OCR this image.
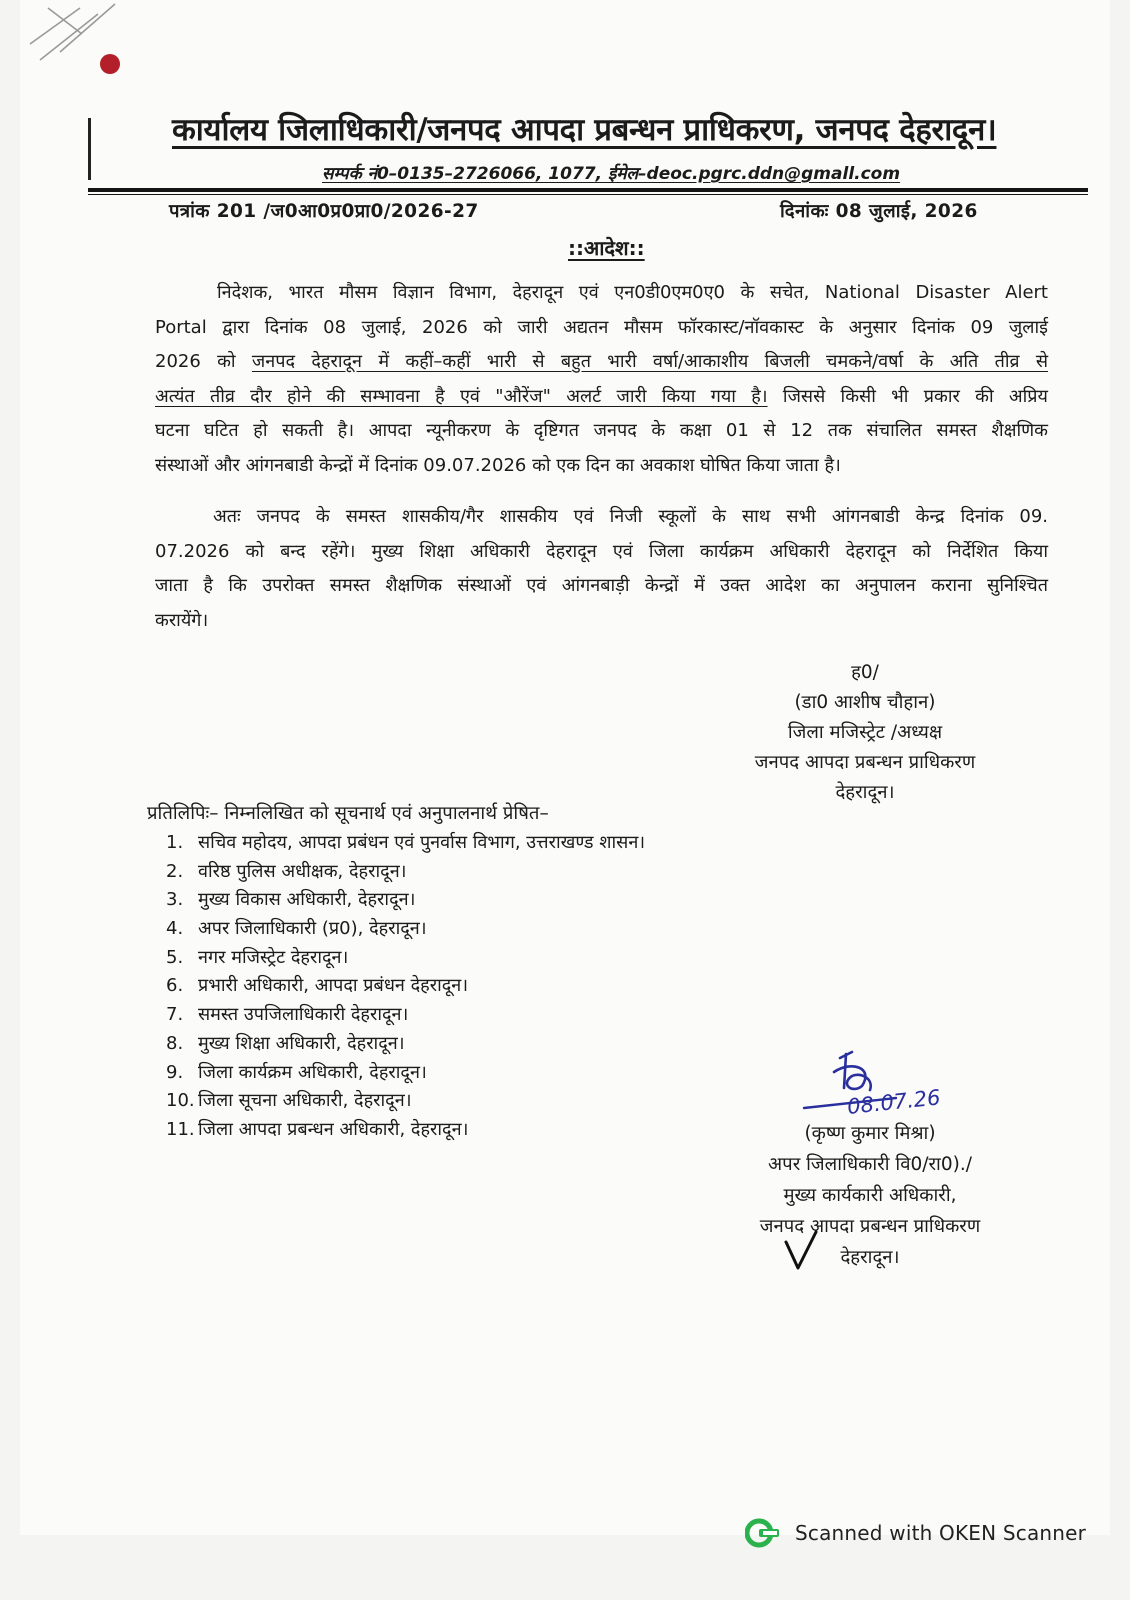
कार्यालय जिलाधिकारी/जनपद आपदा प्रबन्धन प्राधिकरण, जनपद देहरादून।
सम्पर्क नं0–0135–2726066, 1077, ईमेल–deoc.pgrc.ddn@gmall.com
पत्रांक 201 /ज0आ0प्र0प्रा0/2026-27	दिनांकः 08 जुलाई, 2026
::आदेश::
निदेशक, भारत मौसम विज्ञान विभाग, देहरादून एवं एन0डी0एम0ए0 के सचेत, National Disaster Alert
Portal द्वारा दिनांक 08 जुलाई, 2026 को जारी अद्यतन मौसम फॉरकास्ट/नॉवकास्ट के अनुसार दिनांक 09 जुलाई
2026 को जनपद देहरादून में कहीं–कहीं भारी से बहुत भारी वर्षा/आकाशीय बिजली चमकने/वर्षा के अति तीव्र से
अत्यंत तीव्र दौर होने की सम्भावना है एवं "औरेंज" अलर्ट जारी किया गया है। जिससे किसी भी प्रकार की अप्रिय
घटना घटित हो सकती है। आपदा न्यूनीकरण के दृष्टिगत जनपद के कक्षा 01 से 12 तक संचालित समस्त शैक्षणिक
संस्थाओं और आंगनबाडी केन्द्रों में दिनांक 09.07.2026 को एक दिन का अवकाश घोषित किया जाता है।
अतः जनपद के समस्त शासकीय/गैर शासकीय एवं निजी स्कूलों के साथ सभी आंगनबाडी केन्द्र दिनांक 09.
07.2026 को बन्द रहेंगे। मुख्य शिक्षा अधिकारी देहरादून एवं जिला कार्यक्रम अधिकारी देहरादून को निर्देशित किया
जाता है कि उपरोक्त समस्त शैक्षणिक संस्थाओं एवं आंगनबाड़ी केन्द्रों में उक्त आदेश का अनुपालन कराना सुनिश्चित
करायेंगे।
ह0/
(डा0 आशीष चौहान)
जिला मजिस्ट्रेट /अध्यक्ष
जनपद आपदा प्रबन्धन प्राधिकरण
देहरादून।
प्रतिलिपिः– निम्नलिखित को सूचनार्थ एवं अनुपालनार्थ प्रेषित–
1. सचिव महोदय, आपदा प्रबंधन एवं पुनर्वास विभाग, उत्तराखण्ड शासन।
2. वरिष्ठ पुलिस अधीक्षक, देहरादून।
3. मुख्य विकास अधिकारी, देहरादून।
4. अपर जिलाधिकारी (प्र0), देहरादून।
5. नगर मजिस्ट्रेट देहरादून।
6. प्रभारी अधिकारी, आपदा प्रबंधन देहरादून।
7. समस्त उपजिलाधिकारी देहरादून।
8. मुख्य शिक्षा अधिकारी, देहरादून।
9. जिला कार्यक्रम अधिकारी, देहरादून।
10. जिला सूचना अधिकारी, देहरादून।
11. जिला आपदा प्रबन्धन अधिकारी, देहरादून।
08.07.26
(कृष्ण कुमार मिश्रा)
अपर जिलाधिकारी वि0/रा0)./
मुख्य कार्यकारी अधिकारी,
जनपद आपदा प्रबन्धन प्राधिकरण
देहरादून।
Scanned with OKEN Scanner
